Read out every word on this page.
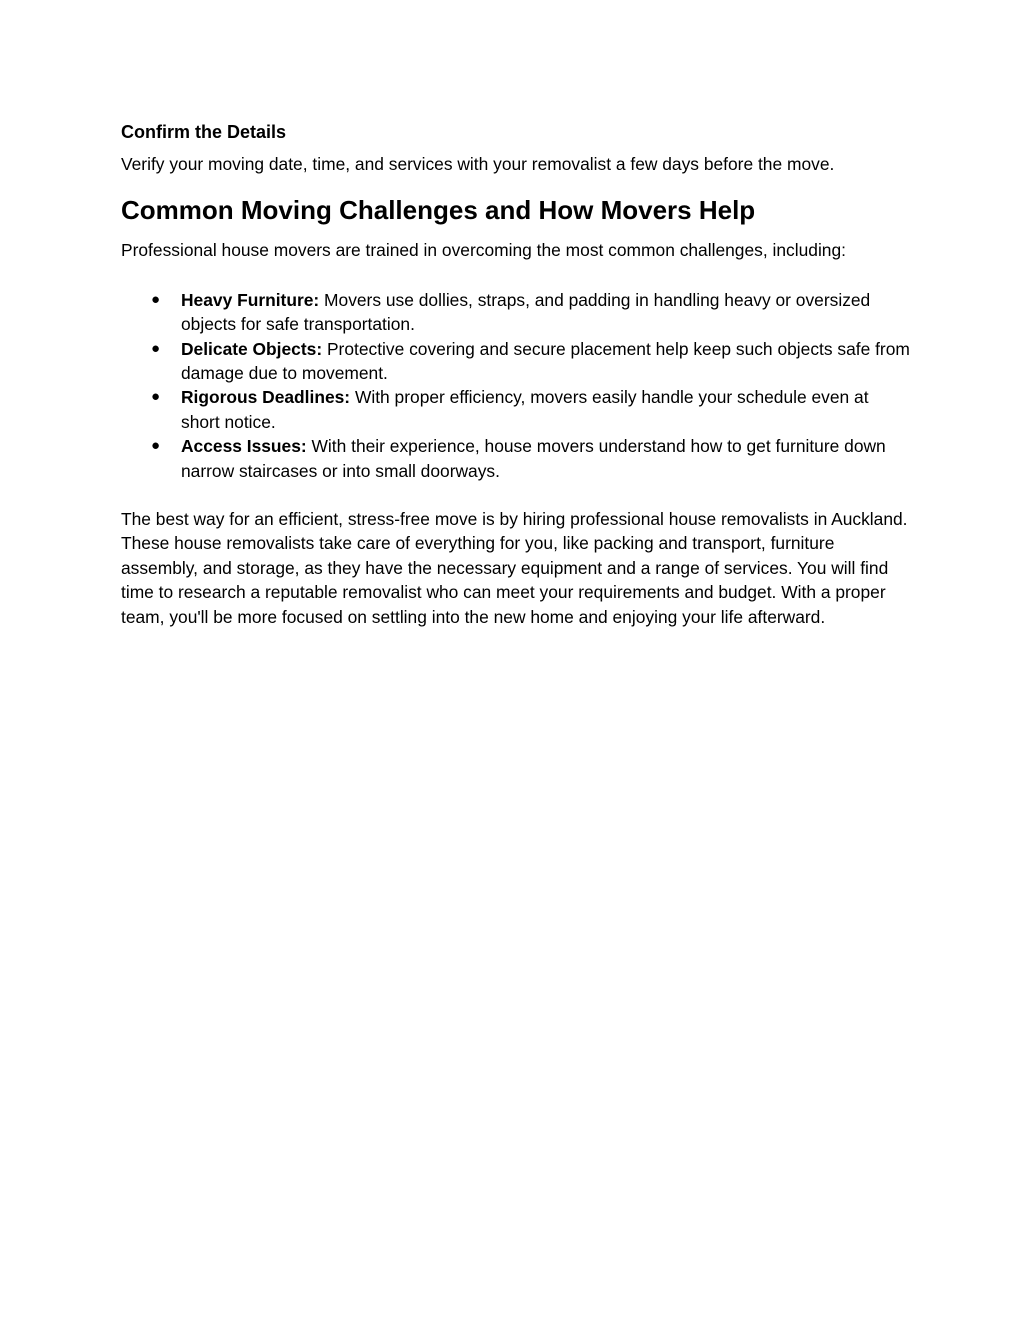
Confirm the Details

Verify your moving date, time, and services with your removalist a few days before the move.

Common Moving Challenges and How Movers Help

Professional house movers are trained in overcoming the most common challenges, including:

● Heavy Furniture: Movers use dollies, straps, and padding in handling heavy or oversized objects for safe transportation.
● Delicate Objects: Protective covering and secure placement help keep such objects safe from damage due to movement.
● Rigorous Deadlines: With proper efficiency, movers easily handle your schedule even at short notice.
● Access Issues: With their experience, house movers understand how to get furniture down narrow staircases or into small doorways.

The best way for an efficient, stress-free move is by hiring professional house removalists in Auckland. These house removalists take care of everything for you, like packing and transport, furniture assembly, and storage, as they have the necessary equipment and a range of services. You will find time to research a reputable removalist who can meet your requirements and budget. With a proper team, you'll be more focused on settling into the new home and enjoying your life afterward.
